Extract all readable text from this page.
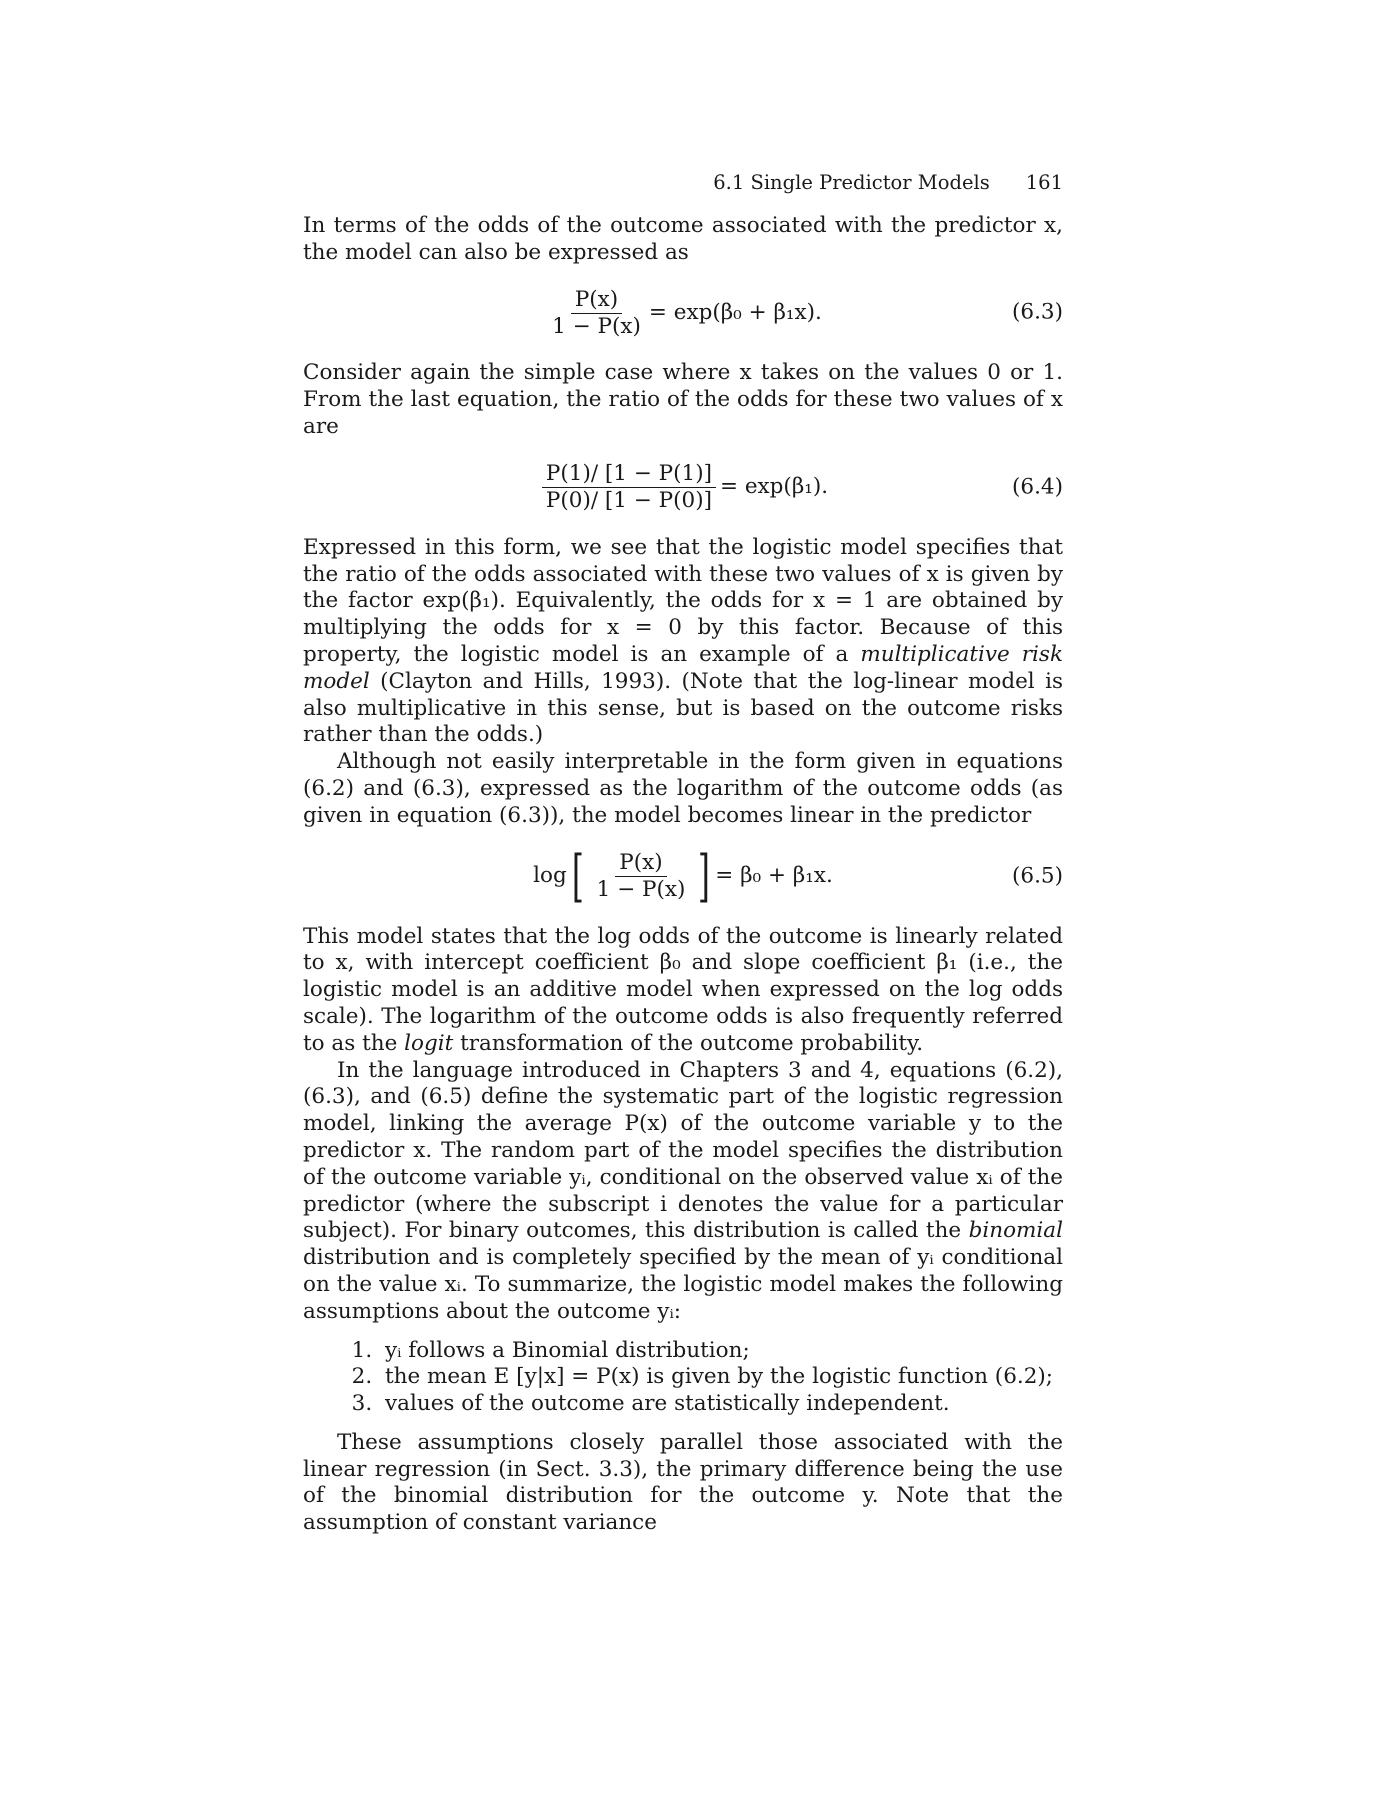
6.1 Single Predictor Models 161

In terms of the odds of the outcome associated with the predictor x, the model can also be expressed as

$\frac{P(x)}{1 - P(x)} = \exp(\beta_0 + \beta_1x)$.	(6.3)

Consider again the simple case where x takes on the values 0 or 1. From the last equation, the ratio of the odds for these two values of x are

$\frac{P(1)/ [1 - P(1)]}{P(0)/ [1 - P(0)]} = \exp(\beta_1)$.	(6.4)

Expressed in this form, we see that the logistic model specifies that the ratio of the odds associated with these two values of x is given by the factor exp(β₁). Equivalently, the odds for x = 1 are obtained by multiplying the odds for x = 0 by this factor. Because of this property, the logistic model is an example of a multiplicative risk model (Clayton and Hills, 1993). (Note that the log-linear model is also multiplicative in this sense, but is based on the outcome risks rather than the odds.)

Although not easily interpretable in the form given in equations (6.2) and (6.3), expressed as the logarithm of the outcome odds (as given in equation (6.3)), the model becomes linear in the predictor

log [ $\frac{P(x)}{1 - P(x)}$ ] = β₀ + β₁x.	(6.5)

This model states that the log odds of the outcome is linearly related to x, with intercept coefficient β₀ and slope coefficient β₁ (i.e., the logistic model is an additive model when expressed on the log odds scale). The logarithm of the outcome odds is also frequently referred to as the logit transformation of the outcome probability.

In the language introduced in Chapters 3 and 4, equations (6.2), (6.3), and (6.5) define the systematic part of the logistic regression model, linking the average P(x) of the outcome variable y to the predictor x. The random part of the model specifies the distribution of the outcome variable yᵢ, conditional on the observed value xᵢ of the predictor (where the subscript i denotes the value for a particular subject). For binary outcomes, this distribution is called the binomial distribution and is completely specified by the mean of yᵢ conditional on the value xᵢ. To summarize, the logistic model makes the following assumptions about the outcome yᵢ:

1. yᵢ follows a Binomial distribution;
2. the mean E [y|x] = P(x) is given by the logistic function (6.2);
3. values of the outcome are statistically independent.

These assumptions closely parallel those associated with the linear regression (in Sect. 3.3), the primary difference being the use of the binomial distribution for the outcome y. Note that the assumption of constant variance
